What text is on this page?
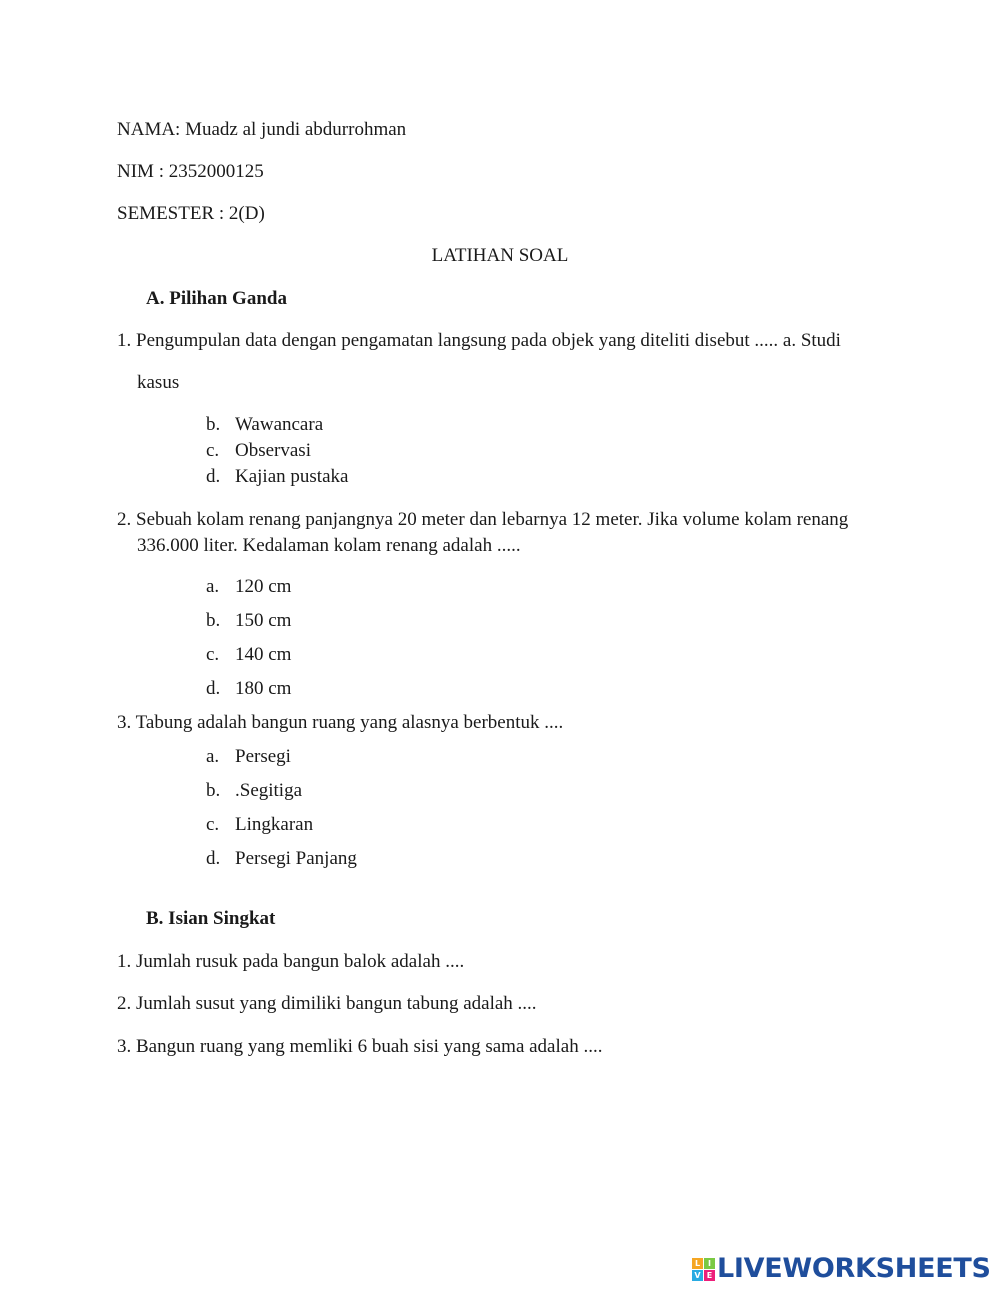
NAMA: Muadz al jundi abdurrohman
NIM : 2352000125
SEMESTER : 2(D)
LATIHAN SOAL
A. Pilihan Ganda
1. Pengumpulan data dengan pengamatan langsung pada objek yang diteliti disebut ..... a. Studi
kasus
b. Wawancara
c. Observasi
d. Kajian pustaka
2. Sebuah kolam renang panjangnya 20 meter dan lebarnya 12 meter. Jika volume kolam renang
336.000 liter. Kedalaman kolam renang adalah .....
a. 120 cm
b. 150 cm
c. 140 cm
d. 180 cm
3. Tabung adalah bangun ruang yang alasnya berbentuk ....
a. Persegi
b. .Segitiga
c. Lingkaran
d. Persegi Panjang
B. Isian Singkat
1. Jumlah rusuk pada bangun balok adalah ....
2. Jumlah susut yang dimiliki bangun tabung adalah ....
3. Bangun ruang yang memliki 6 buah sisi yang sama adalah ....
L I
V E LIVEWORKSHEETS
